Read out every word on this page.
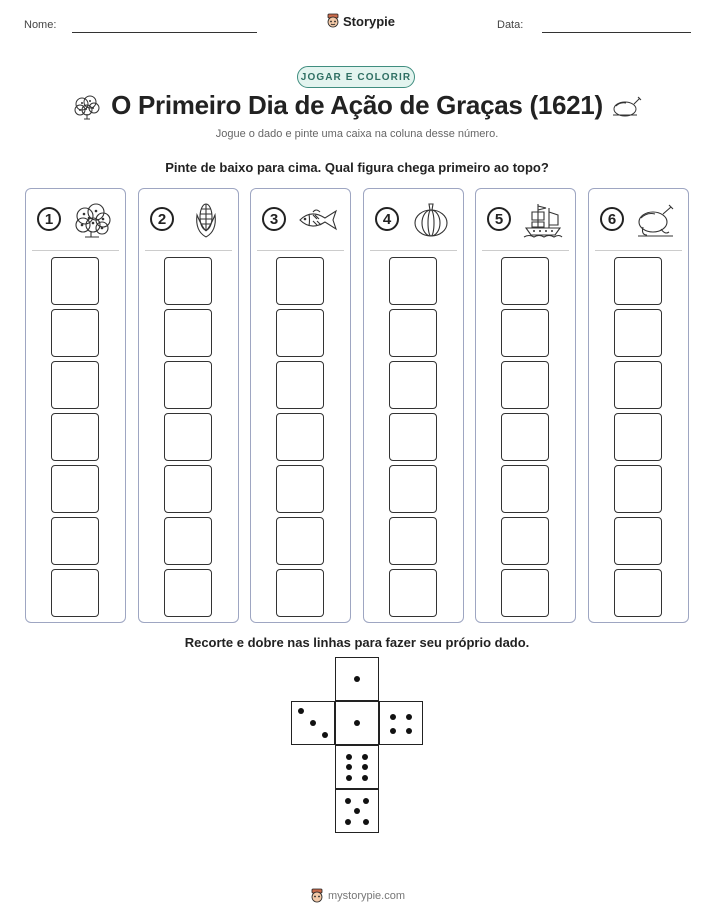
Nome:	Storypie	Data:
JOGAR E COLORIR
O Primeiro Dia de Ação de Graças (1621)
Jogue o dado e pinte uma caixa na coluna desse número.
Pinte de baixo para cima. Qual figura chega primeiro ao topo?
1	2	3	4	5	6
Recorte e dobre nas linhas para fazer seu próprio dado.
mystorypie.com
